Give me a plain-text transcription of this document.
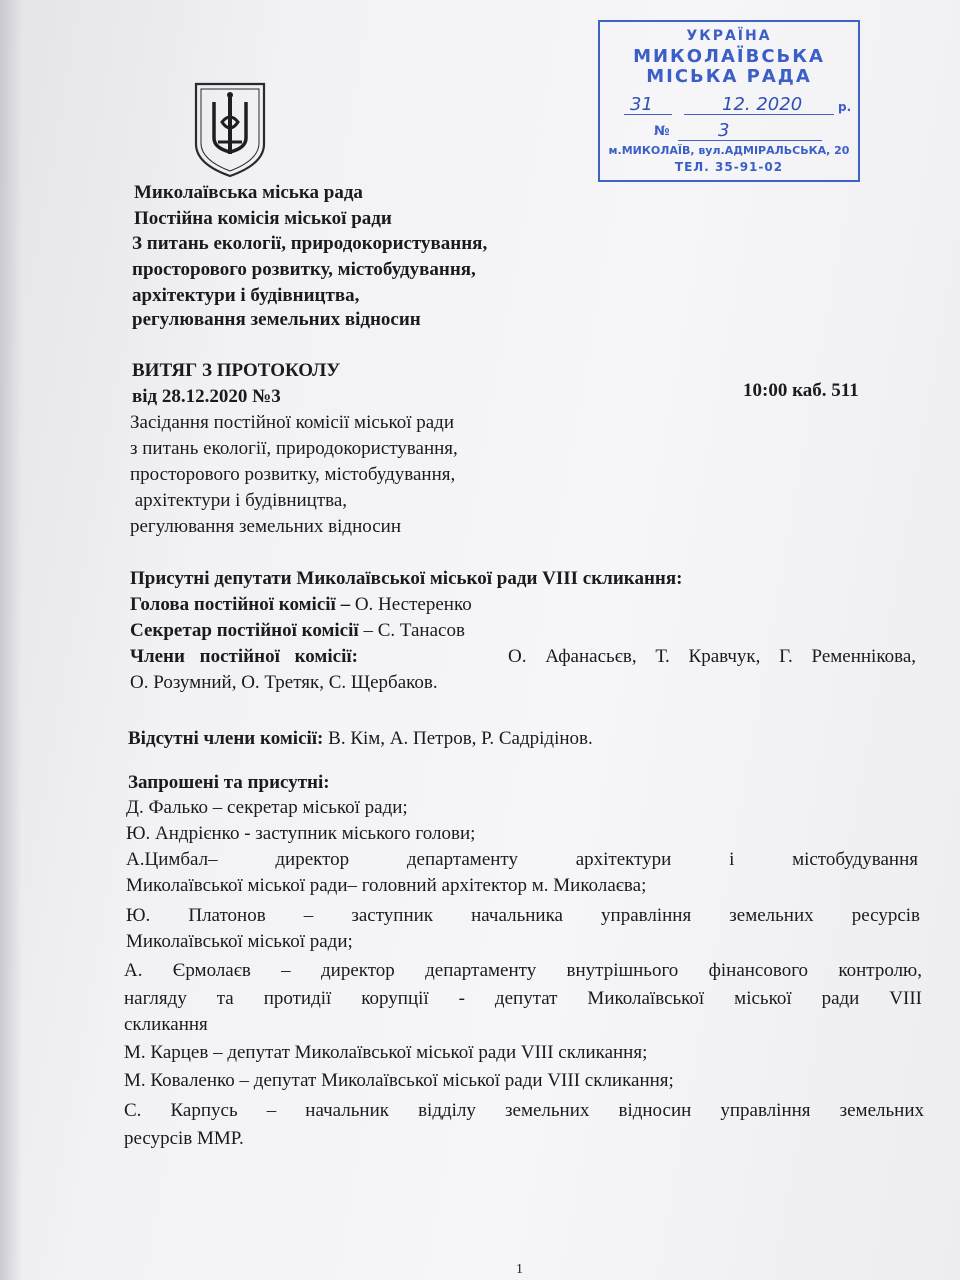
УКРАЇНА
МИКОЛАЇВСЬКА
МІСЬКА РАДА
31	12. 2020	р.
№	3
м.МИКОЛАЇВ, вул.АДМІРАЛЬСЬКА, 20
ТЕЛ. 35-91-02
Миколаївська міська рада
Постійна комісія міської ради
З питань екології, природокористування,
просторового розвитку, містобудування,
архітектури і будівництва,
регулювання земельних відносин
ВИТЯГ З ПРОТОКОЛУ
від 28.12.2020 №3	10:00 каб. 511
Засідання постійної комісії міської ради
з питань екології, природокористування,
просторового розвитку, містобудування,
архітектури і будівництва,
регулювання земельних відносин
Присутні депутати Миколаївської міської ради VIII скликання:
Голова постійної комісії – О. Нестеренко
Секретар постійної комісії – С. Танасов
Члени постійної комісії:	О. Афанасьєв, Т. Кравчук, Г. Ременнікова,
О. Розумний, О. Третяк, С. Щербаков.
Відсутні члени комісії: В. Кім, А. Петров, Р. Садрідінов.
Запрошені та присутні:
Д. Фалько – секретар міської ради;
Ю. Андрієнко - заступник міського голови;
А.Цимбал– директор департаменту архітектури і містобудування
Миколаївської міської ради– головний архітектор м. Миколаєва;
Ю. Платонов – заступник начальника управління земельних ресурсів
Миколаївської міської ради;
А. Єрмолаєв – директор департаменту внутрішнього фінансового контролю,
нагляду та протидії корупції - депутат Миколаївської міської ради VIII
скликання
М. Карцев – депутат Миколаївської міської ради VIII скликання;
М. Коваленко – депутат Миколаївської міської ради VIII скликання;
С. Карпусь – начальник відділу земельних відносин управління земельних
ресурсів ММР.
1
